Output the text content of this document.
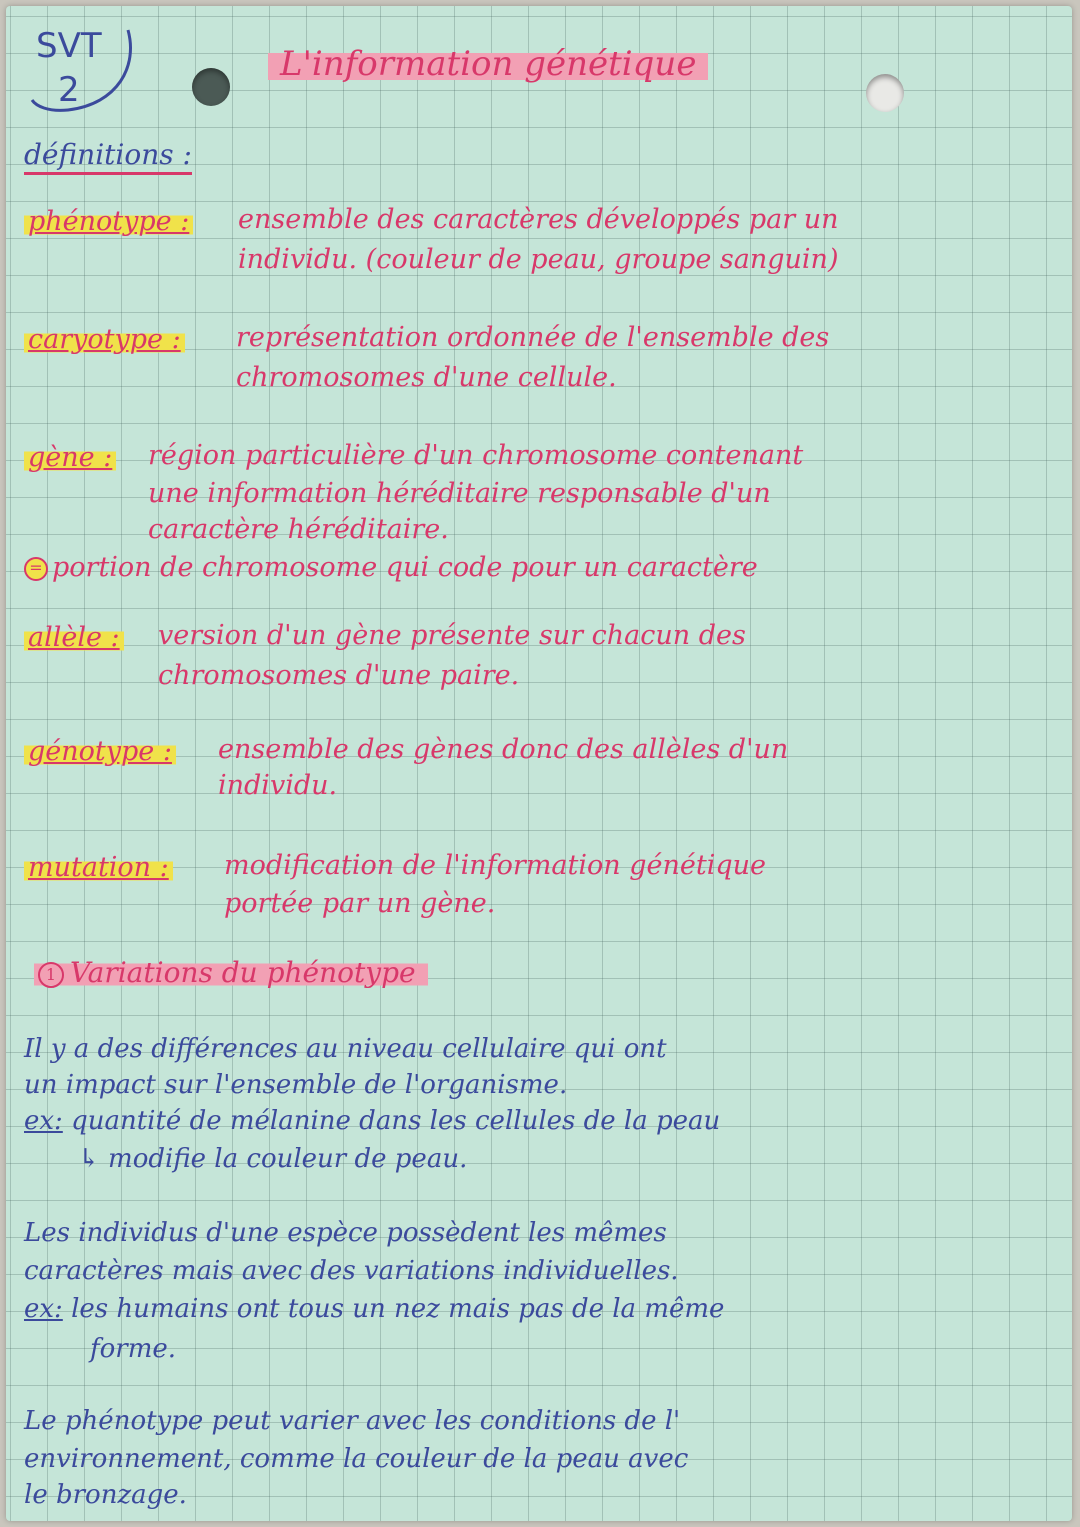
SVT
2
L'information génétique
définitions :
phénotype : ensemble des caractères développés par un
individu. (couleur de peau, groupe sanguin)
caryotype : représentation ordonnée de l'ensemble des
chromosomes d'une cellule.
gène : région particulière d'un chromosome contenant
une information héréditaire responsable d'un
caractère héréditaire.
= portion de chromosome qui code pour un caractère
allèle : version d'un gène présente sur chacun des
chromosomes d'une paire.
génotype : ensemble des gènes donc des allèles d'un
individu.
mutation : modification de l'information génétique
portée par un gène.
1 Variations du phénotype
Il y a des différences au niveau cellulaire qui ont
un impact sur l'ensemble de l'organisme.
ex: quantité de mélanine dans les cellules de la peau
↳ modifie la couleur de peau.
Les individus d'une espèce possèdent les mêmes
caractères mais avec des variations individuelles.
ex: les humains ont tous un nez mais pas de la même
forme.
Le phénotype peut varier avec les conditions de l'
environnement, comme la couleur de la peau avec
le bronzage.
